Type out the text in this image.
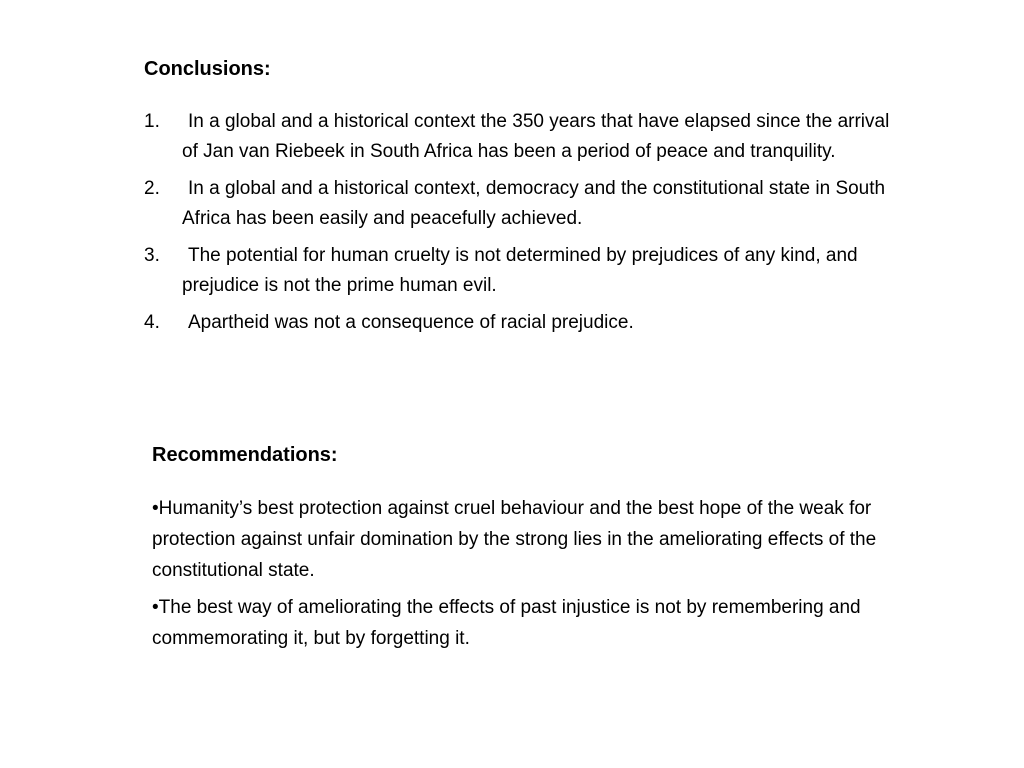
Conclusions:
1.	In a global and a historical context the 350 years that have elapsed since the arrival of Jan van Riebeek in South Africa has been a period of peace and tranquility.
2.	In a global and a historical context, democracy and the constitutional state in South Africa has been easily and peacefully achieved.
3.	The potential for human cruelty is not determined by prejudices of any kind, and prejudice is not the prime human evil.
4.	Apartheid was not a consequence of racial prejudice.
Recommendations:

•Humanity’s best protection against cruel behaviour and the best hope of the weak for protection against unfair domination by the strong lies in the ameliorating effects of the constitutional state.

•The best way of ameliorating the effects of past injustice is not by remembering and commemorating it, but by forgetting it.
